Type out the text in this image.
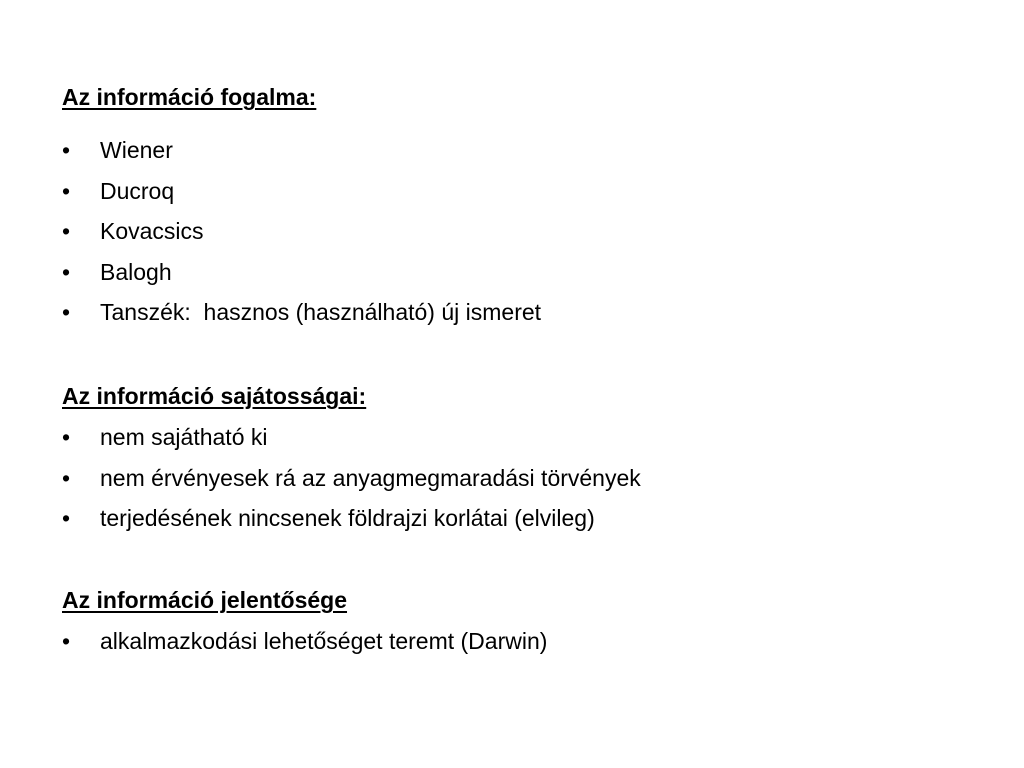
Az információ fogalma:

•

	Wiener

•

	Ducroq

•

	Kovacsics

•

	Balogh

•

	Tanszék:  hasznos (használható) új ismeret

Az információ sajátosságai:

•

	nem sajátható ki

•

	nem érvényesek rá az anyagmegmaradási törvények

•

	terjedésének nincsenek földrajzi korlátai (elvileg)

Az információ jelentősége

•

	alkalmazkodási lehetőséget teremt (Darwin)
